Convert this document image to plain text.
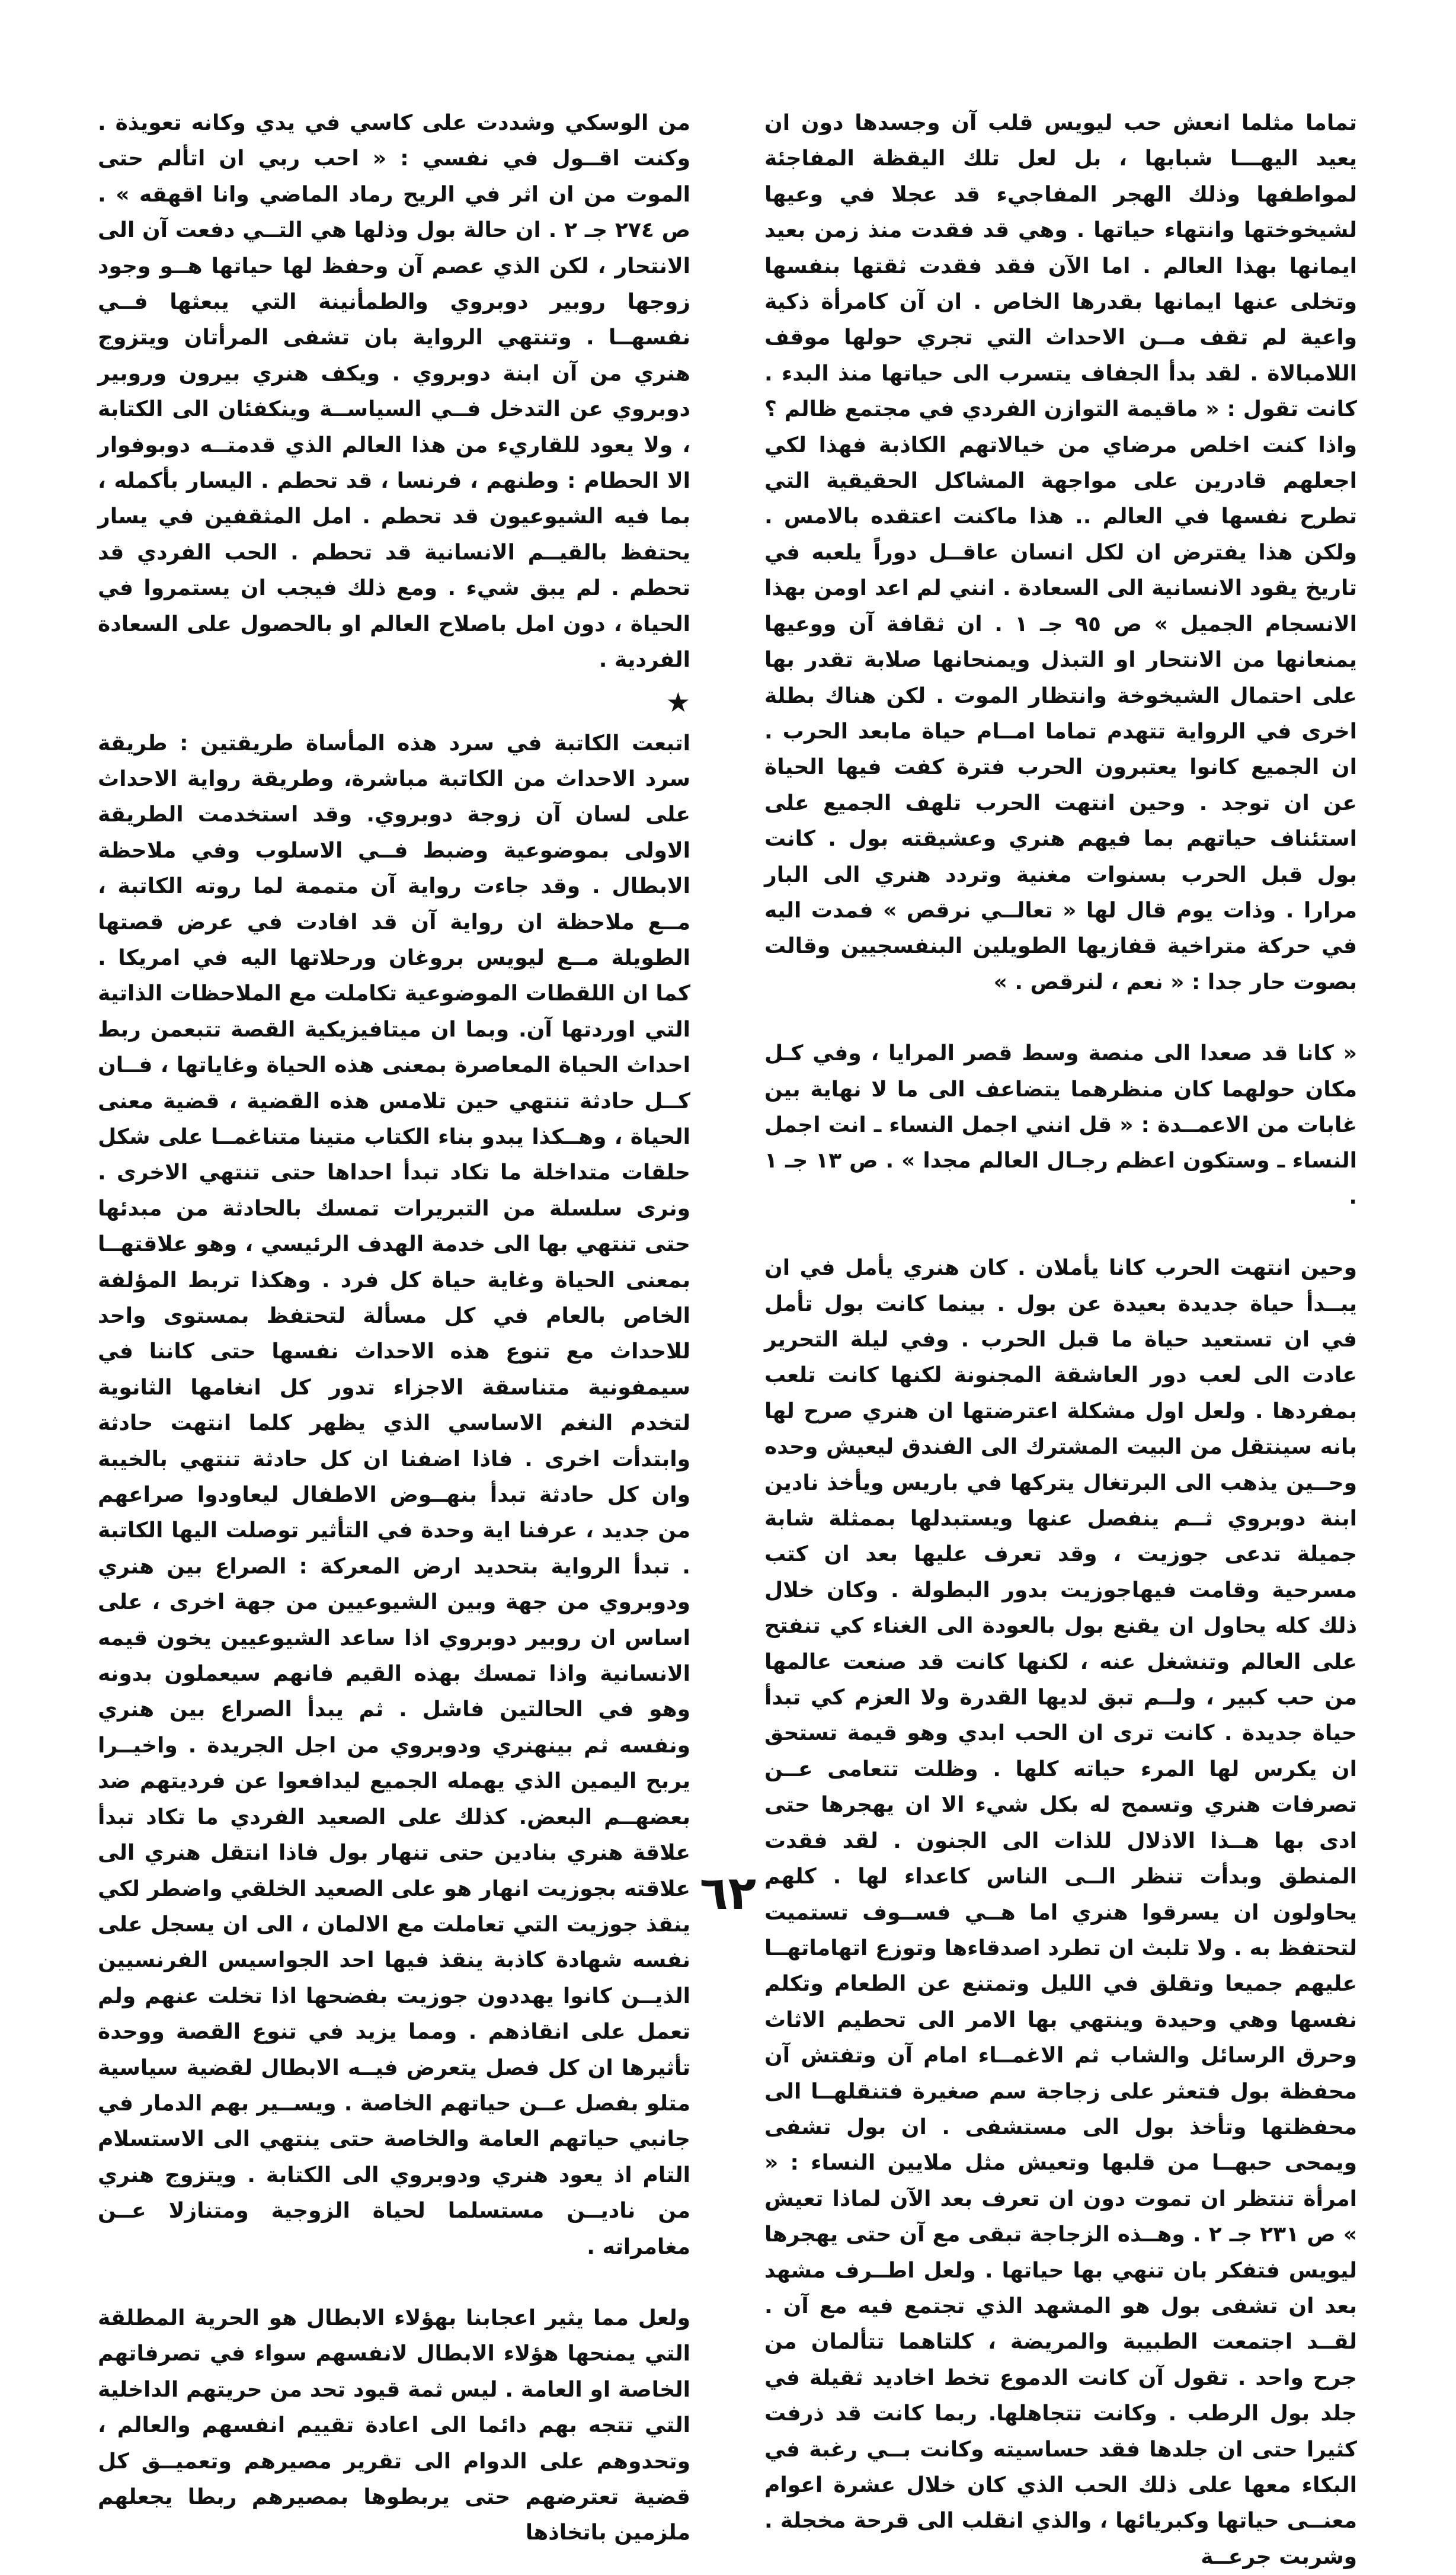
تماما مثلما انعش حب ليويس قلب آن وجسدها دون ان يعيد اليهـــا شبابها ، بل لعل تلك اليقظة المفاجئة لمواطفها وذلك الهجر المفاجيء قد عجلا في وعيها لشيخوختها وانتهاء حياتها . وهي قد فقدت منذ زمن بعيد ايمانها بهذا العالم . اما الآن فقد فقدت ثقتها بنفسها وتخلى عنها ايمانها بقدرها الخاص . ان آن كامرأة ذكية واعية لم تقف مــن الاحداث التي تجري حولها موقف اللامبالاة . لقد بدأ الجفاف يتسرب الى حياتها منذ البدء . كانت تقول : « ماقيمة التوازن الفردي في مجتمع ظالم ؟ واذا كنت اخلص مرضاي من خيالاتهم الكاذبة فهذا لكي اجعلهم قادرين على مواجهة المشاكل الحقيقية التي تطرح نفسها في العالم .. هذا ماكنت اعتقده بالامس . ولكن هذا يفترض ان لكل انسان عاقــل دوراً يلعبه في تاريخ يقود الانسانية الى السعادة . انني لم اعد اومن بهذا الانسجام الجميل » ص ٩٥ جـ ١ . ان ثقافة آن ووعيها يمنعانها من الانتحار او التبذل ويمنحانها صلابة تقدر بها على احتمال الشيخوخة وانتظار الموت . لكن هناك بطلة اخرى في الرواية تتهدم تماما امــام حياة مابعد الحرب . ان الجميع كانوا يعتبرون الحرب فترة كفت فيها الحياة عن ان توجد . وحين انتهت الحرب تلهف الجميع على استئناف حياتهم بما فيهم هنري وعشيقته بول . كانت بول قبل الحرب بسنوات مغنية وتردد هنري الى البار مرارا . وذات يوم قال لها « تعالــي نرقص » فمدت اليه في حركة متراخية قفازيها الطويلين البنفسجيين وقالت بصوت حار جدا : « نعم ، لنرقص . »

« كانا قد صعدا الى منصة وسط قصر المرايا ، وفي كـل مكان حولهما كان منظرهما يتضاعف الى ما لا نهاية بين غابات من الاعمــدة : « قل انني اجمل النساء ـ انت اجمل النساء ـ وستكون اعظم رجـال العالم مجدا » . ص ١٣ جـ ١ .

وحين انتهت الحرب كانا يأملان . كان هنري يأمل في ان يبــدأ حياة جديدة بعيدة عن بول . بينما كانت بول تأمل في ان تستعيد حياة ما قبل الحرب . وفي ليلة التحرير عادت الى لعب دور العاشقة المجنونة لكنها كانت تلعب بمفردها . ولعل اول مشكلة اعترضتها ان هنري صرح لها بانه سينتقل من البيت المشترك الى الفندق ليعيش وحده وحــين يذهب الى البرتغال يتركها في باريس ويأخذ نادين ابنة دوبروي ثــم ينفصل عنها ويستبدلها بممثلة شابة جميلة تدعى جوزيت ، وقد تعرف عليها بعد ان كتب مسرحية وقامت فيهاجوزيت بدور البطولة . وكان خلال ذلك كله يحاول ان يقنع بول بالعودة الى الغناء كي تنفتح على العالم وتنشغل عنه ، لكنها كانت قد صنعت عالمها من حب كبير ، ولــم تبق لديها القدرة ولا العزم كي تبدأ حياة جديدة . كانت ترى ان الحب ابدي وهو قيمة تستحق ان يكرس لها المرء حياته كلها . وظلت تتعامى عــن تصرفات هنري وتسمح له بكل شيء الا ان يهجرها حتى ادى بها هــذا الاذلال للذات الى الجنون . لقد فقدت المنطق وبدأت تنظر الــى الناس كاعداء لها . كلهم يحاولون ان يسرقوا هنري اما هــي فســوف تستميت لتحتفظ به . ولا تلبث ان تطرد اصدقاءها وتوزع اتهاماتهــا عليهم جميعا وتقلق في الليل وتمتنع عن الطعام وتكلم نفسها وهي وحيدة وينتهي بها الامر الى تحطيم الاثاث وحرق الرسائل والشاب ثم الاغمــاء امام آن وتفتش آن محفظة بول فتعثر على زجاجة سم صغيرة فتنقلهــا الى محفظتها وتأخذ بول الى مستشفى . ان بول تشفى ويمحى حبهــا من قلبها وتعيش مثل ملايين النساء : « امرأة تنتظر ان تموت دون ان تعرف بعد الآن لماذا تعيش » ص ٢٣١ جـ ٢ . وهــذه الزجاجة تبقى مع آن حتى يهجرها ليويس فتفكر بان تنهي بها حياتها . ولعل اطــرف مشهد بعد ان تشفى بول هو المشهد الذي تجتمع فيه مع آن . لقــد اجتمعت الطبيبة والمريضة ، كلتاهما تتألمان من جرح واحد . تقول آن كانت الدموع تخط اخاديد ثقيلة في جلد بول الرطب . وكانت تتجاهلها. ربما كانت قد ذرفت كثيرا حتى ان جلدها فقد حساسيته وكانت بــي رغبة في البكاء معها على ذلك الحب الذي كان خلال عشرة اعوام معنــى حياتها وكبريائها ، والذي انقلب الى قرحة مخجلة . وشربت جرعــة

من الوسكي وشددت على كاسي في يدي وكانه تعويذة . وكنت اقــول في نفسي : « احب ربي ان اتألم حتى الموت من ان اثر في الريح رماد الماضي وانا اقهقه » . ص ٢٧٤ جـ ٢ . ان حالة بول وذلها هي التــي دفعت آن الى الانتحار ، لكن الذي عصم آن وحفظ لها حياتها هــو وجود زوجها روبير دوبروي والطمأنينة التي يبعثها فــي نفسهــا . وتنتهي الرواية بان تشفى المرأتان ويتزوج هنري من آن ابنة دوبروي . ويكف هنري بيرون وروبير دوبروي عن التدخل فــي السياســة وينكفئان الى الكتابة ، ولا يعود للقاريء من هذا العالم الذي قدمتــه دوبوفوار الا الحطام : وطنهم ، فرنسا ، قد تحطم . اليسار بأكمله ، بما فيه الشيوعيون قد تحطم . امل المثقفين في يسار يحتفظ بالقيــم الانسانية قد تحطم . الحب الفردي قد تحطم . لم يبق شيء . ومع ذلك فيجب ان يستمروا في الحياة ، دون امل باصلاح العالم او بالحصول على السعادة الفردية .

★

اتبعت الكاتبة في سرد هذه المأساة طريقتين : طريقة سرد الاحداث من الكاتبة مباشرة، وطريقة رواية الاحداث على لسان آن زوجة دوبروي. وقد استخدمت الطريقة الاولى بموضوعية وضبط فــي الاسلوب وفي ملاحظة الابطال . وقد جاءت رواية آن متممة لما روته الكاتبة ، مــع ملاحظة ان رواية آن قد افادت في عرض قصتها الطويلة مــع ليويس بروغان ورحلاتها اليه في امريكا . كما ان اللقطات الموضوعية تكاملت مع الملاحظات الذاتية التي اوردتها آن. وبما ان ميتافيزيكية القصة تتبعمن ربط احداث الحياة المعاصرة بمعنى هذه الحياة وغاياتها ، فــان كــل حادثة تنتهي حين تلامس هذه القضية ، قضية معنى الحياة ، وهــكذا يبدو بناء الكتاب متينا متناغمــا على شكل حلقات متداخلة ما تكاد تبدأ احداها حتى تنتهي الاخرى . ونرى سلسلة من التبريرات تمسك بالحادثة من مبدئها حتى تنتهي بها الى خدمة الهدف الرئيسي ، وهو علاقتهــا بمعنى الحياة وغاية حياة كل فرد . وهكذا تربط المؤلفة الخاص بالعام في كل مسألة لتحتفظ بمستوى واحد للاحداث مع تنوع هذه الاحداث نفسها حتى كاننا في سيمفونية متناسقة الاجزاء تدور كل انغامها الثانوية لتخدم النغم الاساسي الذي يظهر كلما انتهت حادثة وابتدأت اخرى . فاذا اضفنا ان كل حادثة تنتهي بالخيبة وان كل حادثة تبدأ بنهــوض الاطفال ليعاودوا صراعهم من جديد ، عرفنا اية وحدة في التأثير توصلت اليها الكاتبة . تبدأ الرواية بتحديد ارض المعركة : الصراع بين هنري ودوبروي من جهة وبين الشيوعيين من جهة اخرى ، على اساس ان روبير دوبروي اذا ساعد الشيوعيين يخون قيمه الانسانية واذا تمسك بهذه القيم فانهم سيعملون بدونه وهو في الحالتين فاشل . ثم يبدأ الصراع بين هنري ونفسه ثم بينهنري ودوبروي من اجل الجريدة . واخيــرا يربح اليمين الذي يهمله الجميع ليدافعوا عن فرديتهم ضد بعضهــم البعض. كذلك على الصعيد الفردي ما تكاد تبدأ علاقة هنري بنادين حتى تنهار بول فاذا انتقل هنري الى علاقته بجوزيت انهار هو على الصعيد الخلقي واضطر لكي ينقذ جوزيت التي تعاملت مع الالمان ، الى ان يسجل على نفسه شهادة كاذبة ينقذ فيها احد الجواسيس الفرنسيين الذيــن كانوا يهددون جوزيت بفضحها اذا تخلت عنهم ولم تعمل على انقاذهم . ومما يزيد في تنوع القصة ووحدة تأثيرها ان كل فصل يتعرض فيــه الابطال لقضية سياسية متلو بفصل عــن حياتهم الخاصة . ويســير بهم الدمار في جانبي حياتهم العامة والخاصة حتى ينتهي الى الاستسلام التام اذ يعود هنري ودوبروي الى الكتابة . ويتزوج هنري من ناديــن مستسلما لحياة الزوجية ومتنازلا عــن مغامراته .

ولعل مما يثير اعجابنا بهؤلاء الابطال هو الحرية المطلقة التي يمنحها هؤلاء الابطال لانفسهم سواء في تصرفاتهم الخاصة او العامة . ليس ثمة قيود تحد من حريتهم الداخلية التي تتجه بهم دائما الى اعادة تقييم انفسهم والعالم ، وتحدوهم على الدوام الى تقرير مصيرهم وتعميــق كل قضية تعترضهم حتى يربطوها بمصيرهم ربطا يجعلهم ملزمين باتخاذها

٦٢
